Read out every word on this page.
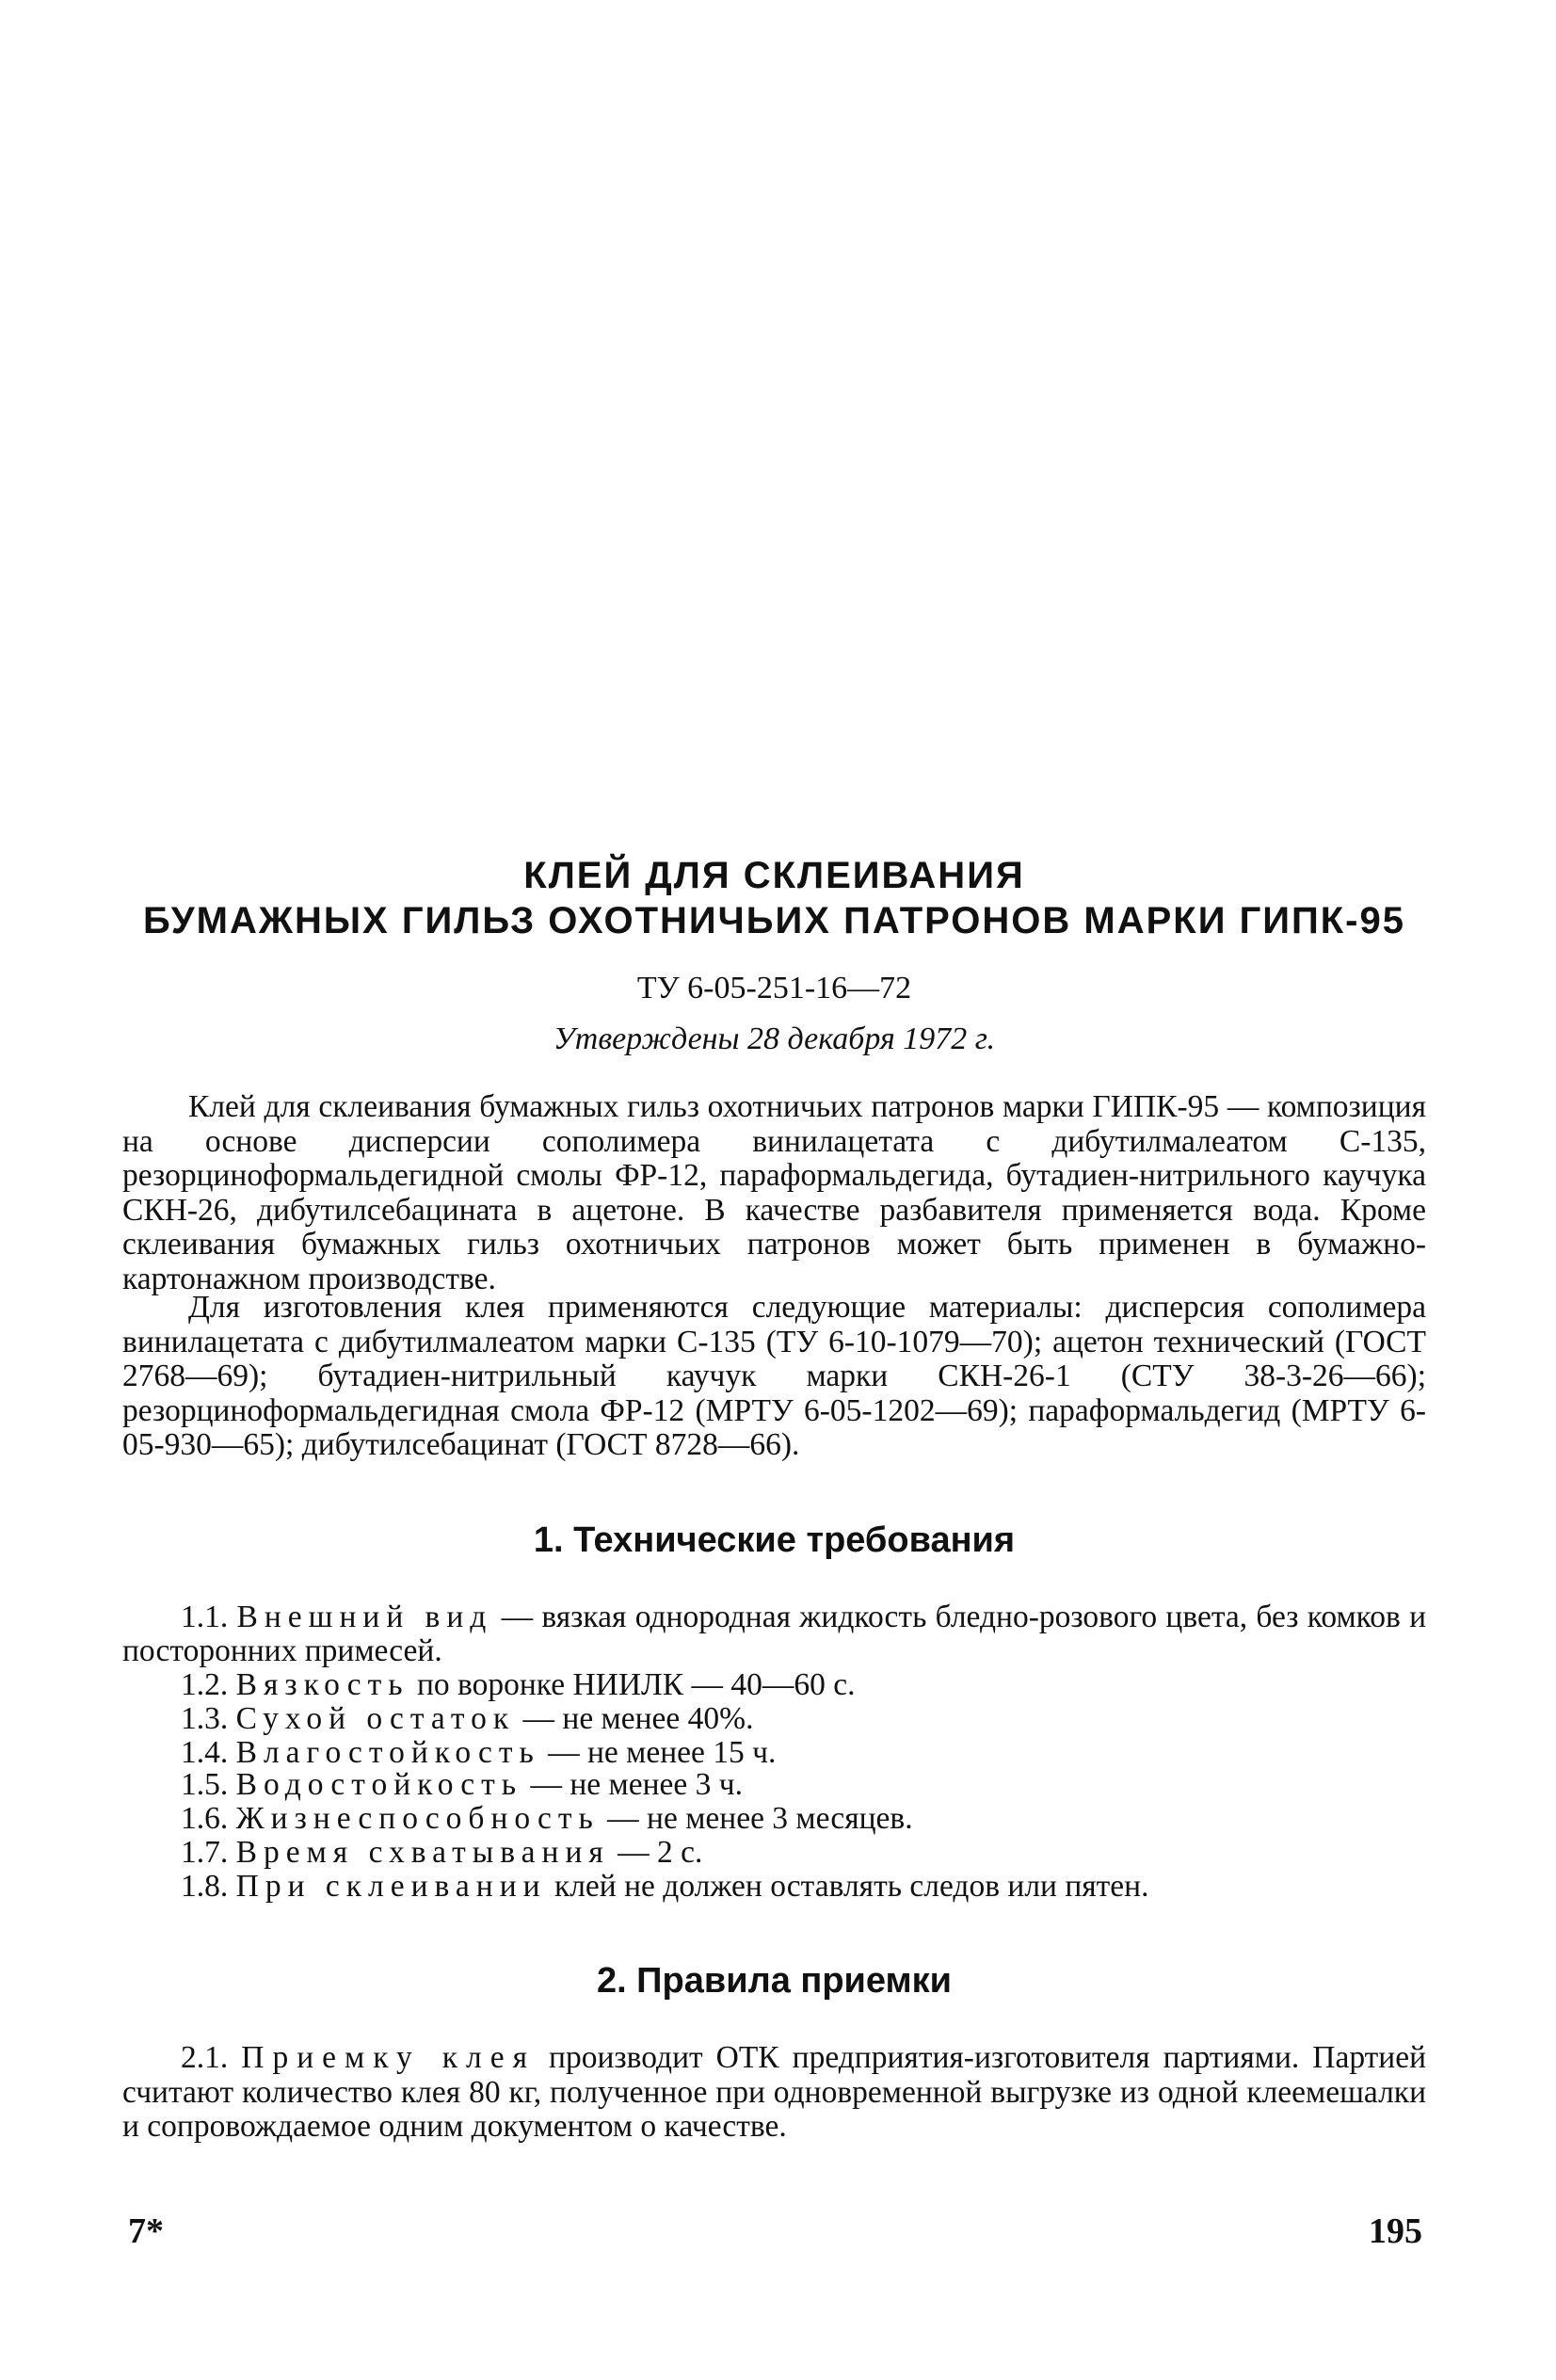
КЛЕЙ ДЛЯ СКЛЕИВАНИЯ
БУМАЖНЫХ ГИЛЬЗ ОХОТНИЧЬИХ ПАТРОНОВ МАРКИ ГИПК-95
ТУ 6-05-251-16—72
Утверждены 28 декабря 1972 г.

Клей для склеивания бумажных гильз охотничьих патронов марки ГИПК-95 — композиция на основе дисперсии сополимера винилацетата с дибутилмалеатом С-135, резорциноформальдегидной смолы ФР-12, параформальдегида, бутадиен-нитрильного каучука СКН-26, дибутилсебацината в ацетоне. В качестве разбавителя применяется вода. Кроме склеивания бумажных гильз охотничьих патронов может быть применен в бумажно-картонажном производстве.

Для изготовления клея применяются следующие материалы: дисперсия сополимера винилацетата с дибутилмалеатом марки С-135 (ТУ 6-10-1079—70); ацетон технический (ГОСТ 2768—69); бутадиен-нитрильный каучук марки СКН-26-1 (СТУ 38-3-26—66); резорциноформальдегидная смола ФР-12 (МРТУ 6-05-1202—69); параформальдегид (МРТУ 6-05-930—65); дибутилсебацинат (ГОСТ 8728—66).

1. Технические требования

1.1. Внешний вид — вязкая однородная жидкость бледно-розового цвета, без комков и посторонних примесей.

1.2. Вязкость по воронке НИИЛК — 40—60 с.

1.3. Сухой остаток — не менее 40%.

1.4. Влагостойкость — не менее 15 ч.

1.5. Водостойкость — не менее 3 ч.

1.6. Жизнеспособность — не менее 3 месяцев.

1.7. Время схватывания — 2 с.

1.8. При склеивании клей не должен оставлять следов или пятен.

2. Правила приемки

2.1. Приемку клея производит ОТК предприятия-изготовителя партиями. Партией считают количество клея 80 кг, полученное при одновременной выгрузке из одной клеемешалки и сопровождаемое одним документом о качестве.

7*	195
